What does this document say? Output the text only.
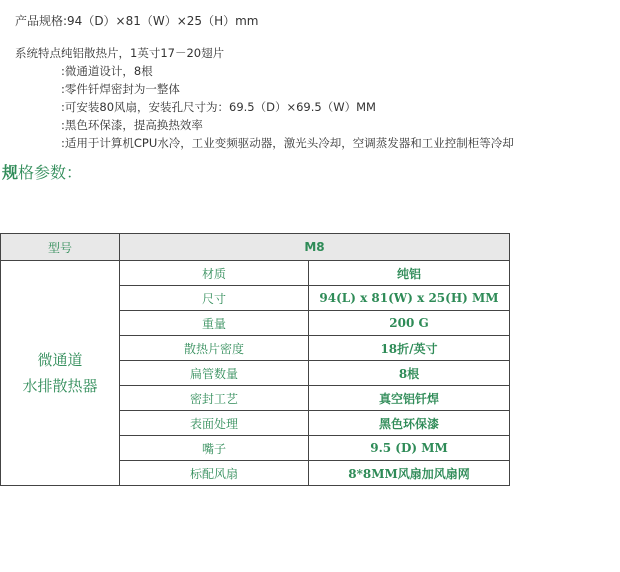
产品规格:94（D）×81（W）×25（H）mm
系统特点:纯铝散热片，1英寸17－20翅片
:微通道设计，8根
:零件钎焊密封为一整体
:可安装80风扇，安装孔尺寸为：69.5（D）×69.5（W）MM
:黑色环保漆，提高换热效率
:适用于计算机CPU水冷，工业变频驱动器，激光头冷却，空调蒸发器和工业控制柜等冷却
规格参数：
型号	M8	

微通道
水排散热器	材质	纯铝
	尺寸	94(L) x 81(W) x 25(H) MM
	重量	200 G
	散热片密度	18折/英寸
	扁管数量	8根
	密封工艺	真空铝钎焊
	表面处理	黑色环保漆
	嘴子	9.5 (D) MM
	标配风扇	8*8MM风扇加风扇网
